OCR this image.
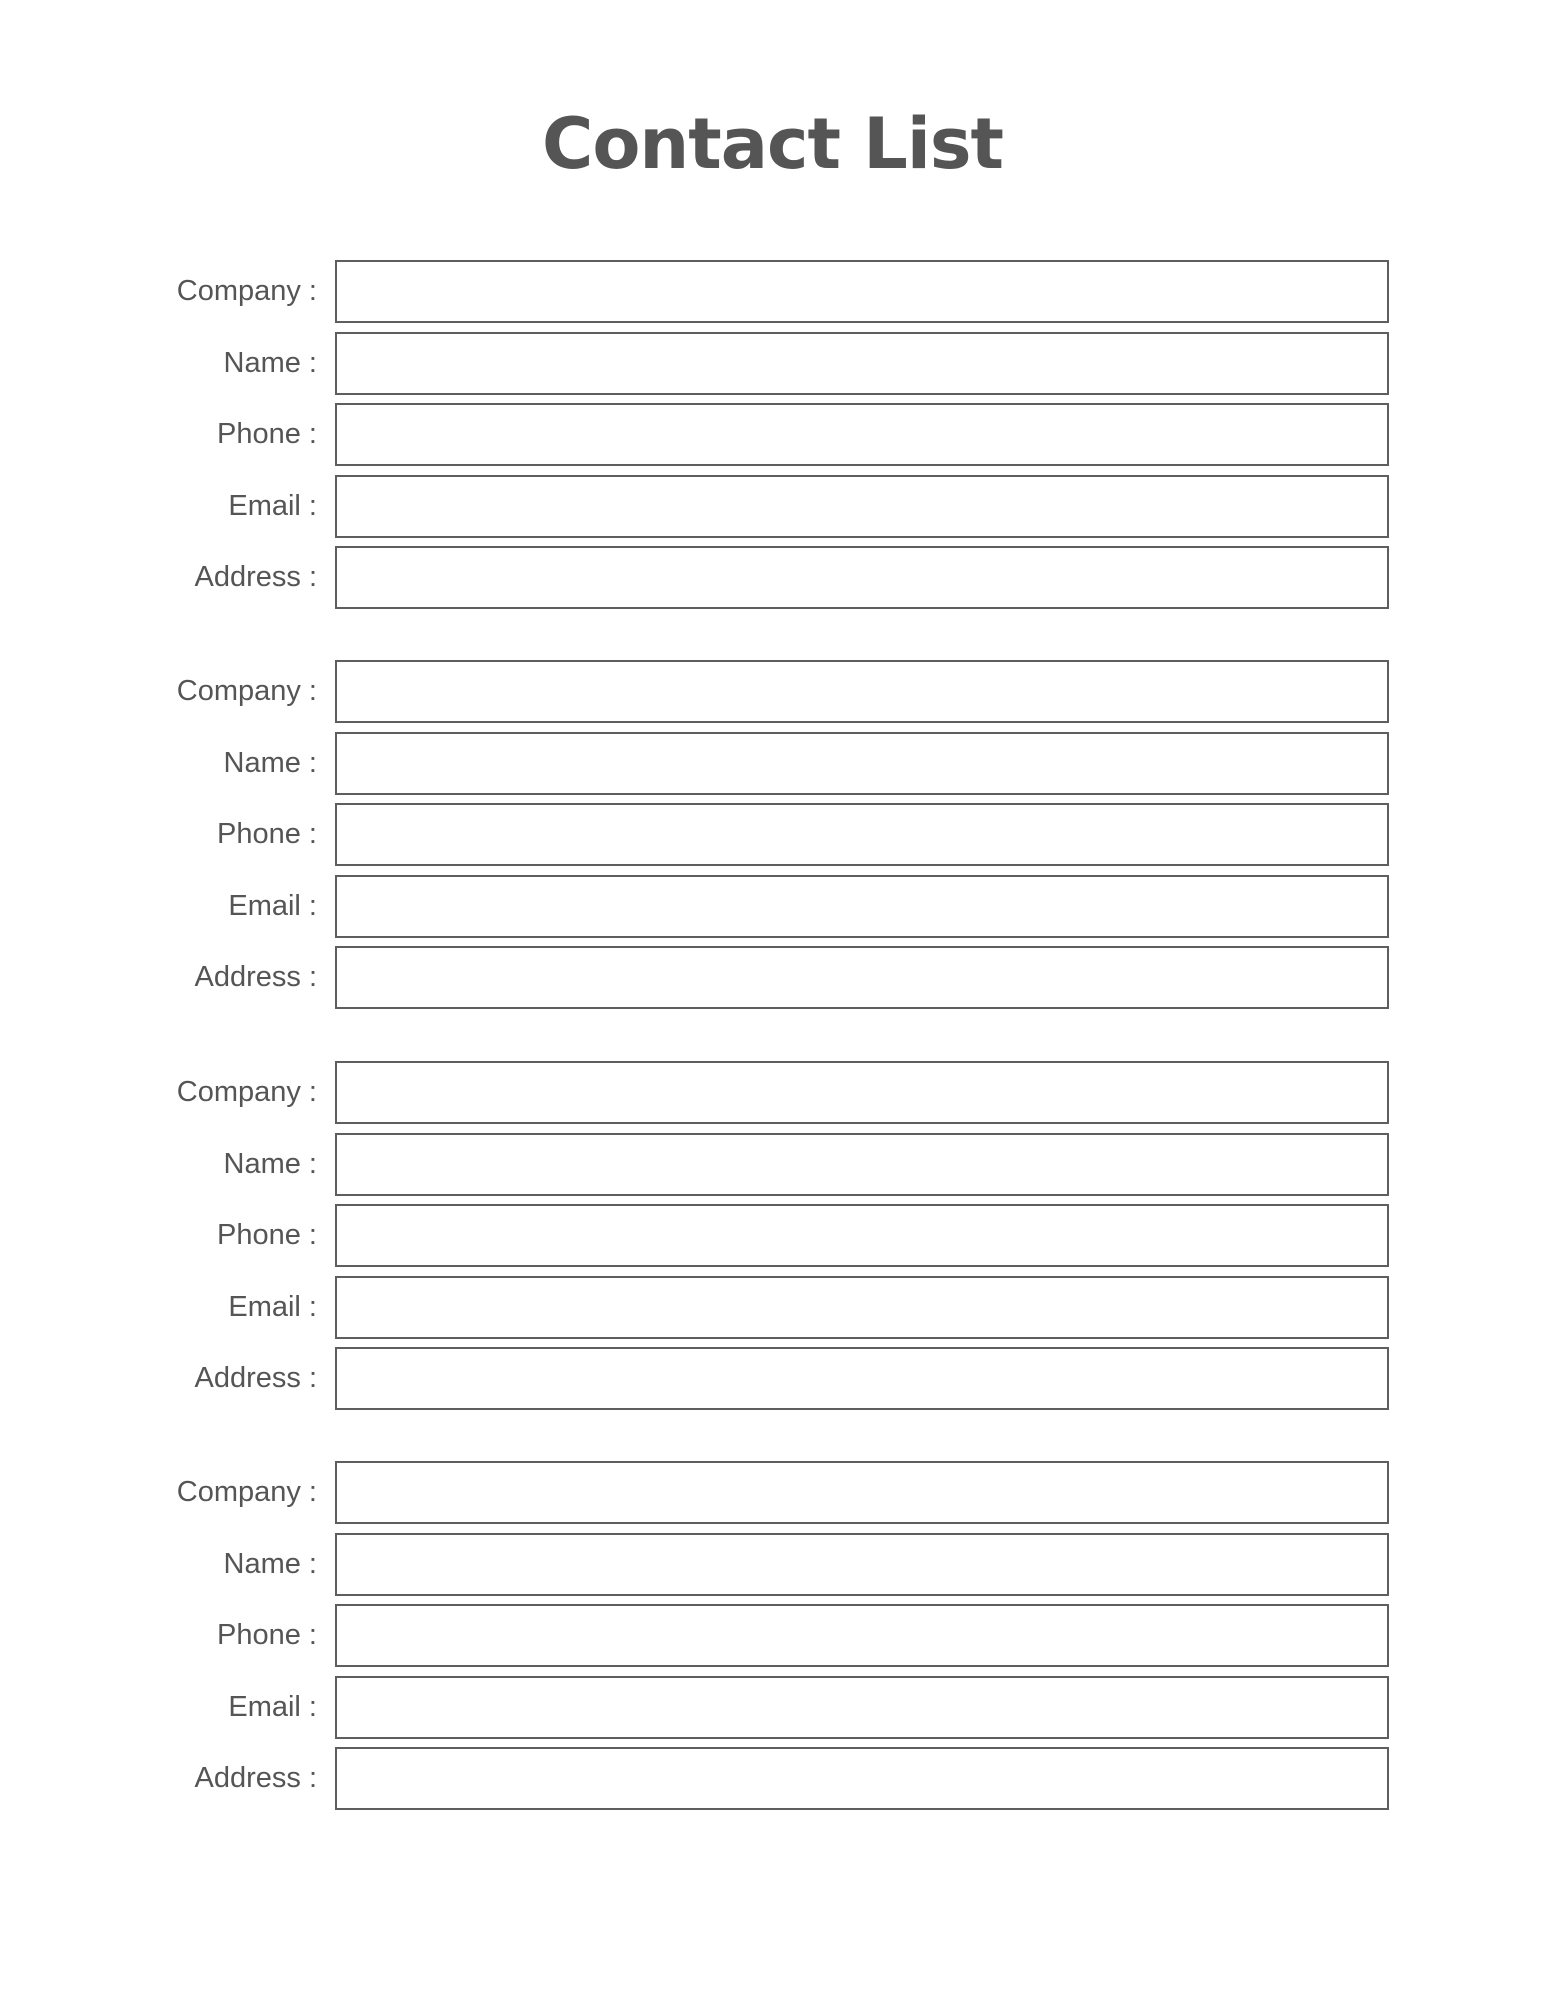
Contact List
Company :
Name :
Phone :
Email :
Address :
Company :
Name :
Phone :
Email :
Address :
Company :
Name :
Phone :
Email :
Address :
Company :
Name :
Phone :
Email :
Address :
